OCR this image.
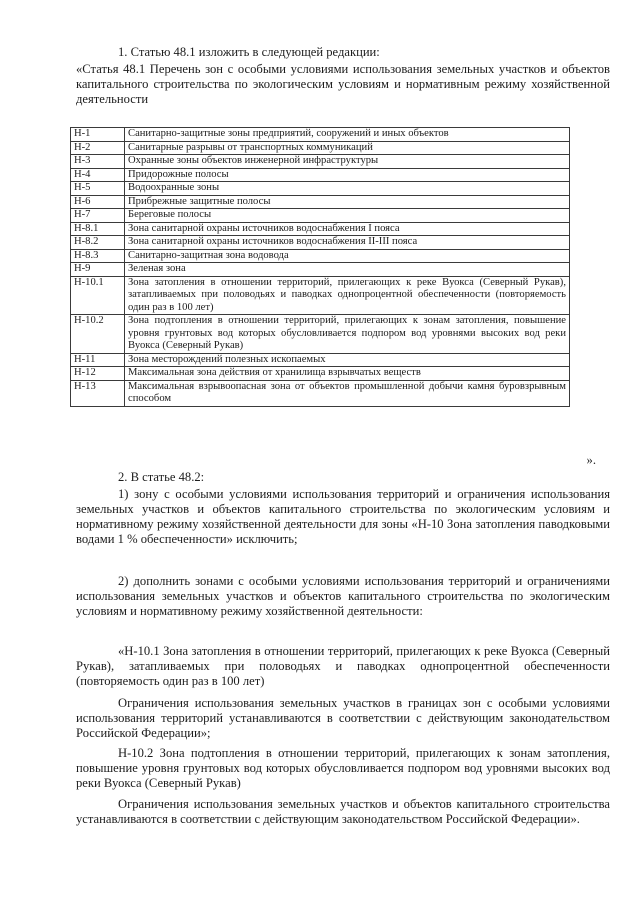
1. Статью 48.1 изложить в следующей редакции:

«Статья 48.1 Перечень зон с особыми условиями использования земельных участков и объектов капитального строительства по экологическим условиям и нормативным режиму хозяйственной деятельности

Н-1	Санитарно-защитные зоны предприятий, сооружений и иных объектов
Н-2	Санитарные разрывы от транспортных коммуникаций
Н-3	Охранные зоны объектов инженерной инфраструктуры
Н-4	Придорожные полосы
Н-5	Водоохранные зоны
Н-6	Прибрежные защитные полосы
Н-7	Береговые полосы
Н-8.1	Зона санитарной охраны источников водоснабжения I пояса
Н-8.2	Зона санитарной охраны источников водоснабжения II-III пояса
Н-8.3	Санитарно-защитная зона водовода
Н-9	Зеленая зона
Н-10.1	Зона затопления в отношении территорий, прилегающих к реке Вуокса (Северный Рукав), затапливаемых при половодьях и паводках однопроцентной обеспеченности (повторяемость один раз в 100 лет)
Н-10.2	Зона подтопления в отношении территорий, прилегающих к зонам затопления, повышение уровня грунтовых вод которых обусловливается подпором вод уровнями высоких вод реки Вуокса (Северный Рукав)
Н-11	Зона месторождений полезных ископаемых
Н-12	Максимальная зона действия от хранилища взрывчатых веществ
Н-13	Максимальная взрывоопасная зона от объектов промышленной добычи камня буровзрывным способом

».

2. В статье 48.2:

1) зону с особыми условиями использования территорий и ограничения использования земельных участков и объектов капитального строительства по экологическим условиям и нормативному режиму хозяйственной деятельности для зоны «Н-10 Зона затопления паводковыми водами 1 % обеспеченности» исключить;

2) дополнить зонами с особыми условиями использования территорий и ограничениями использования земельных участков и объектов капитального строительства по экологическим условиям и нормативному режиму хозяйственной деятельности:

«Н-10.1 Зона затопления в отношении территорий, прилегающих к реке Вуокса (Северный Рукав), затапливаемых при половодьях и паводках однопроцентной обеспеченности (повторяемость один раз в 100 лет)

Ограничения использования земельных участков в границах зон с особыми условиями использования территорий устанавливаются в соответствии с действующим законодательством Российской Федерации»;

Н-10.2 Зона подтопления в отношении территорий, прилегающих к зонам затопления, повышение уровня грунтовых вод которых обусловливается подпором вод уровнями высоких вод реки Вуокса (Северный Рукав)

Ограничения использования земельных участков и объектов капитального строительства устанавливаются в соответствии с действующим законодательством Российской Федерации».
